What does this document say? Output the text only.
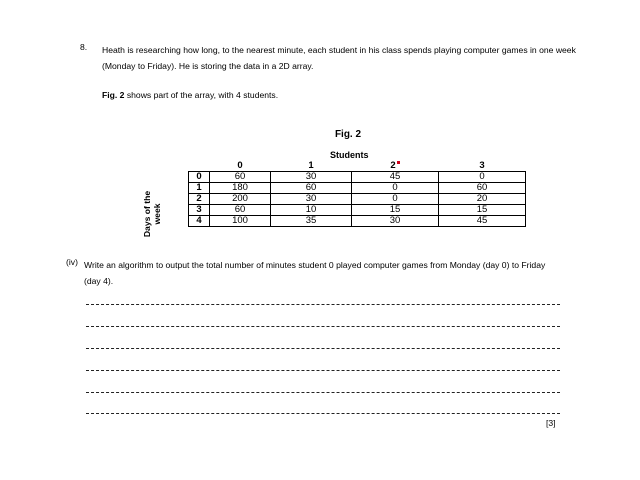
8. Heath is researching how long, to the nearest minute, each student in his class spends playing computer games in one week (Monday to Friday). He is storing the data in a 2D array.
Fig. 2 shows part of the array, with 4 students.
Fig. 2
Students
Days of the week
	0	1	2	3
0	60	30	45	0
1	180	60	0	60
2	200	30	0	20
3	60	10	15	15
4	100	35	30	45
(iv) Write an algorithm to output the total number of minutes student 0 played computer games from Monday (day 0) to Friday (day 4).
[3]
